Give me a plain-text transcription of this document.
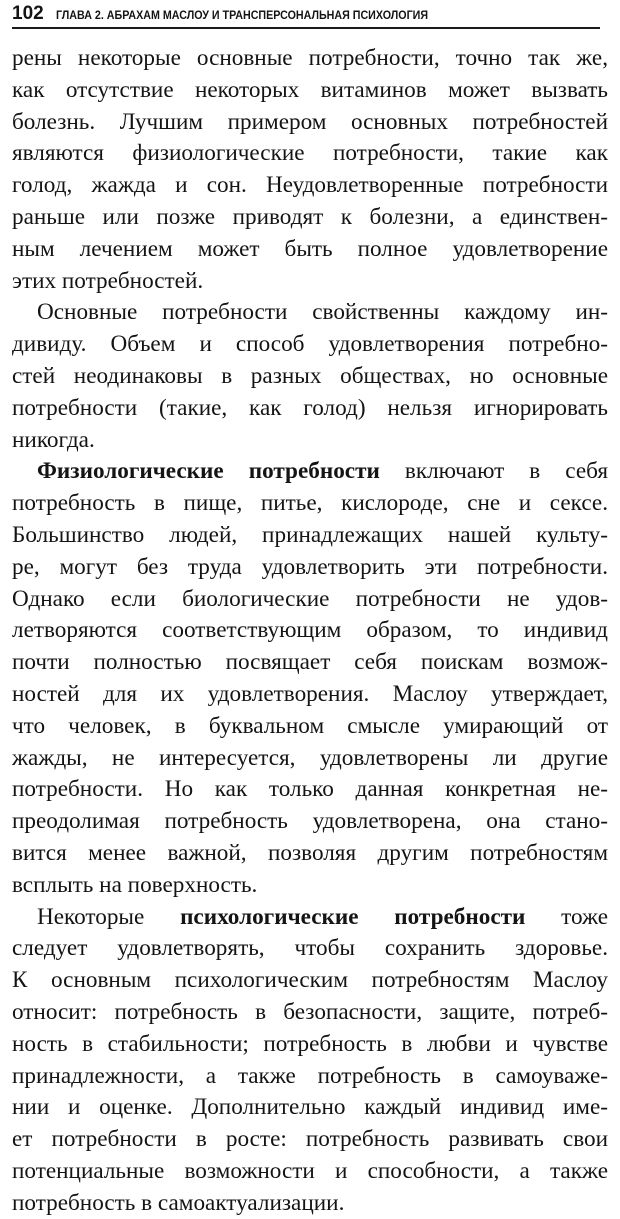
102 ГЛАВА 2. АБРАХАМ МАСЛОУ И ТРАНСПЕРСОНАЛЬНАЯ ПСИХОЛОГИЯ

рены некоторые основные потребности, точно так же,
как отсутствие некоторых витаминов может вызвать
болезнь. Лучшим примером основных потребностей
являются физиологические потребности, такие как
голод, жажда и сон. Неудовлетворенные потребности
раньше или позже приводят к болезни, а единствен-
ным лечением может быть полное удовлетворение
этих потребностей.

Основные потребности свойственны каждому ин-
дивиду. Объем и способ удовлетворения потребно-
стей неодинаковы в разных обществах, но основные
потребности (такие, как голод) нельзя игнорировать
никогда.

Физиологические потребности включают в себя
потребность в пище, питье, кислороде, сне и сексе.
Большинство людей, принадлежащих нашей культу-
ре, могут без труда удовлетворить эти потребности.
Однако если биологические потребности не удов-
летворяются соответствующим образом, то индивид
почти полностью посвящает себя поискам возмож-
ностей для их удовлетворения. Маслоу утверждает,
что человек, в буквальном смысле умирающий от
жажды, не интересуется, удовлетворены ли другие
потребности. Но как только данная конкретная не-
преодолимая потребность удовлетворена, она стано-
вится менее важной, позволяя другим потребностям
всплыть на поверхность.

Некоторые психологические потребности тоже
следует удовлетворять, чтобы сохранить здоровье.
К основным психологическим потребностям Маслоу
относит: потребность в безопасности, защите, потреб-
ность в стабильности; потребность в любви и чувстве
принадлежности, а также потребность в самоуваже-
нии и оценке. Дополнительно каждый индивид име-
ет потребности в росте: потребность развивать свои
потенциальные возможности и способности, а также
потребность в самоактуализации.
